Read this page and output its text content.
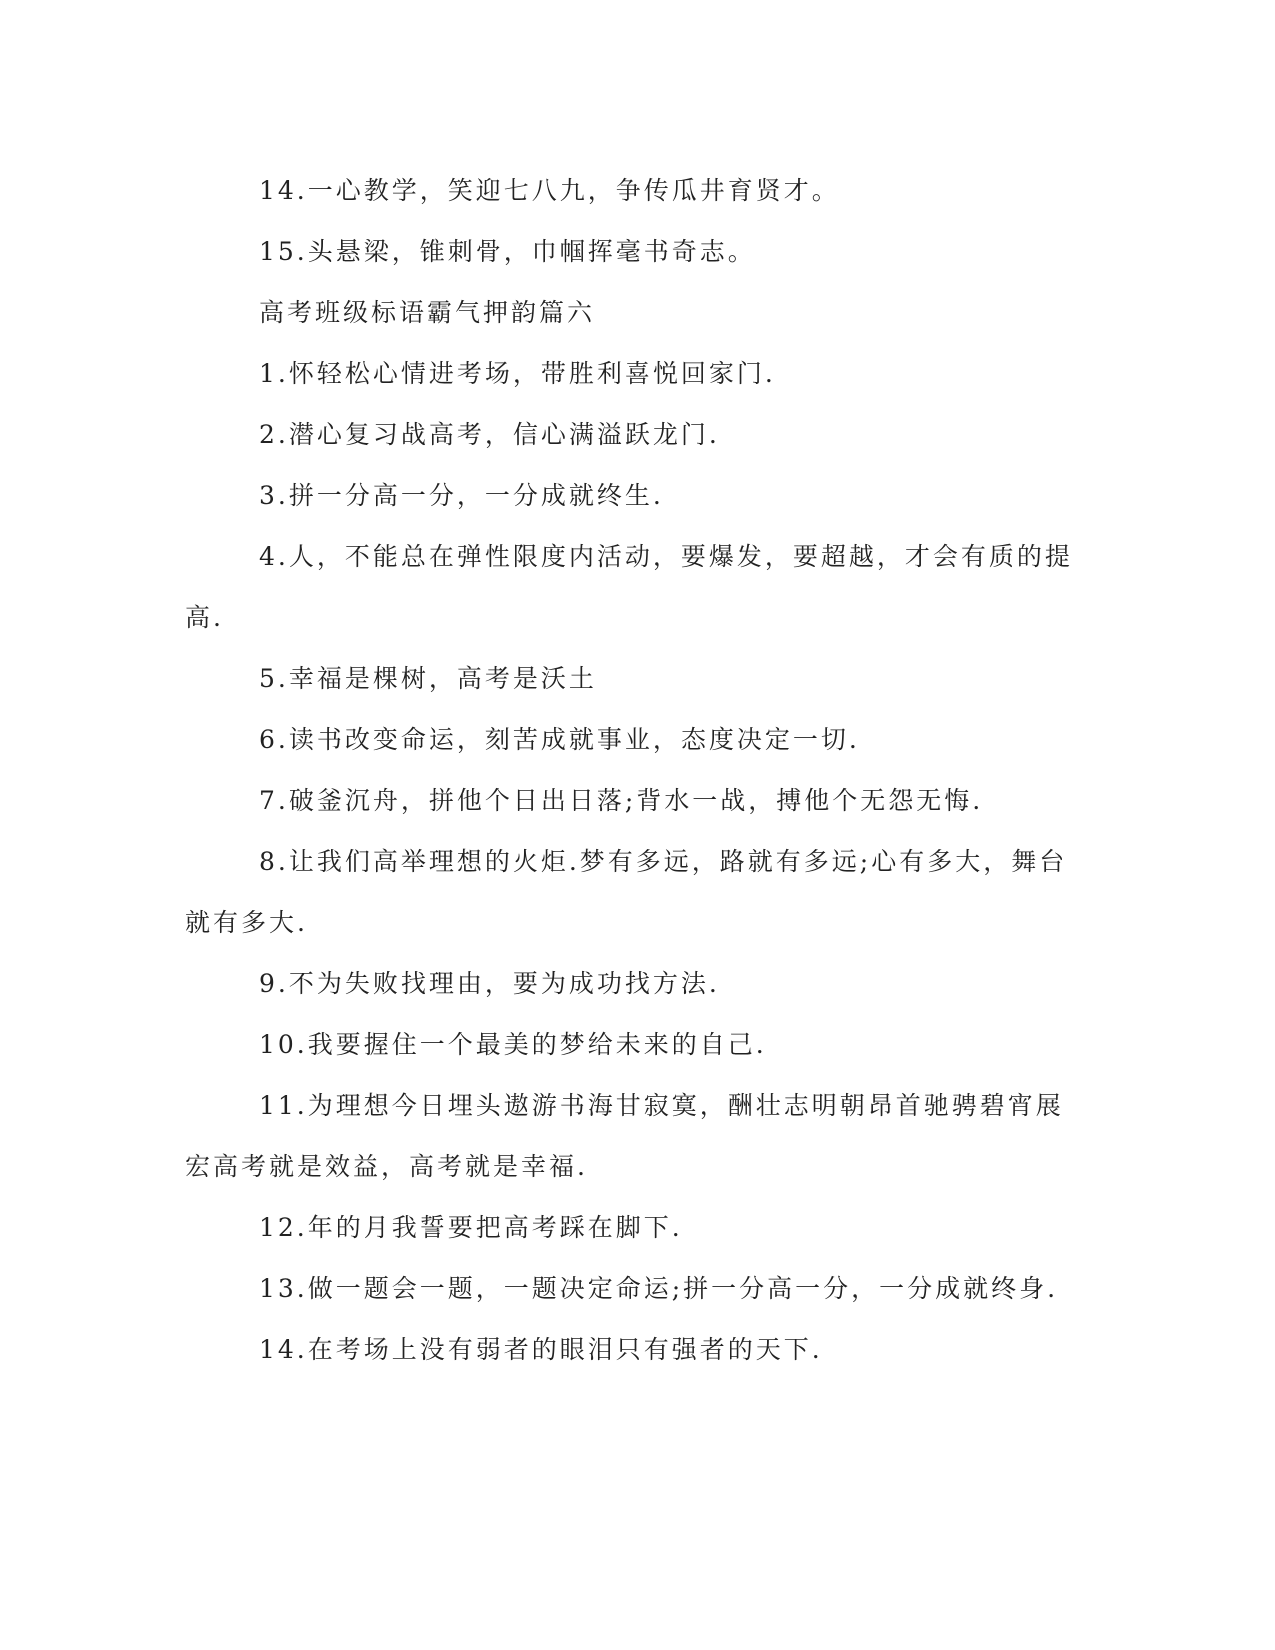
14.一心教学，笑迎七八九，争传瓜井育贤才。

15.头悬梁，锥刺骨，巾帼挥毫书奇志。

高考班级标语霸气押韵篇六

1.怀轻松心情进考场，带胜利喜悦回家门.

2.潜心复习战高考，信心满溢跃龙门.

3.拼一分高一分，一分成就终生.

4.人，不能总在弹性限度内活动，要爆发，要超越，才会有质的提高.

5.幸福是棵树，高考是沃土

6.读书改变命运，刻苦成就事业，态度决定一切.

7.破釜沉舟，拼他个日出日落;背水一战，搏他个无怨无悔.

8.让我们高举理想的火炬.梦有多远，路就有多远;心有多大，舞台就有多大.

9.不为失败找理由，要为成功找方法.

10.我要握住一个最美的梦给未来的自己.

11.为理想今日埋头遨游书海甘寂寞，酬壮志明朝昂首驰骋碧宵展宏高考就是效益，高考就是幸福.

12.年的月我誓要把高考踩在脚下.

13.做一题会一题，一题决定命运;拼一分高一分，一分成就终身.

14.在考场上没有弱者的眼泪只有强者的天下.
